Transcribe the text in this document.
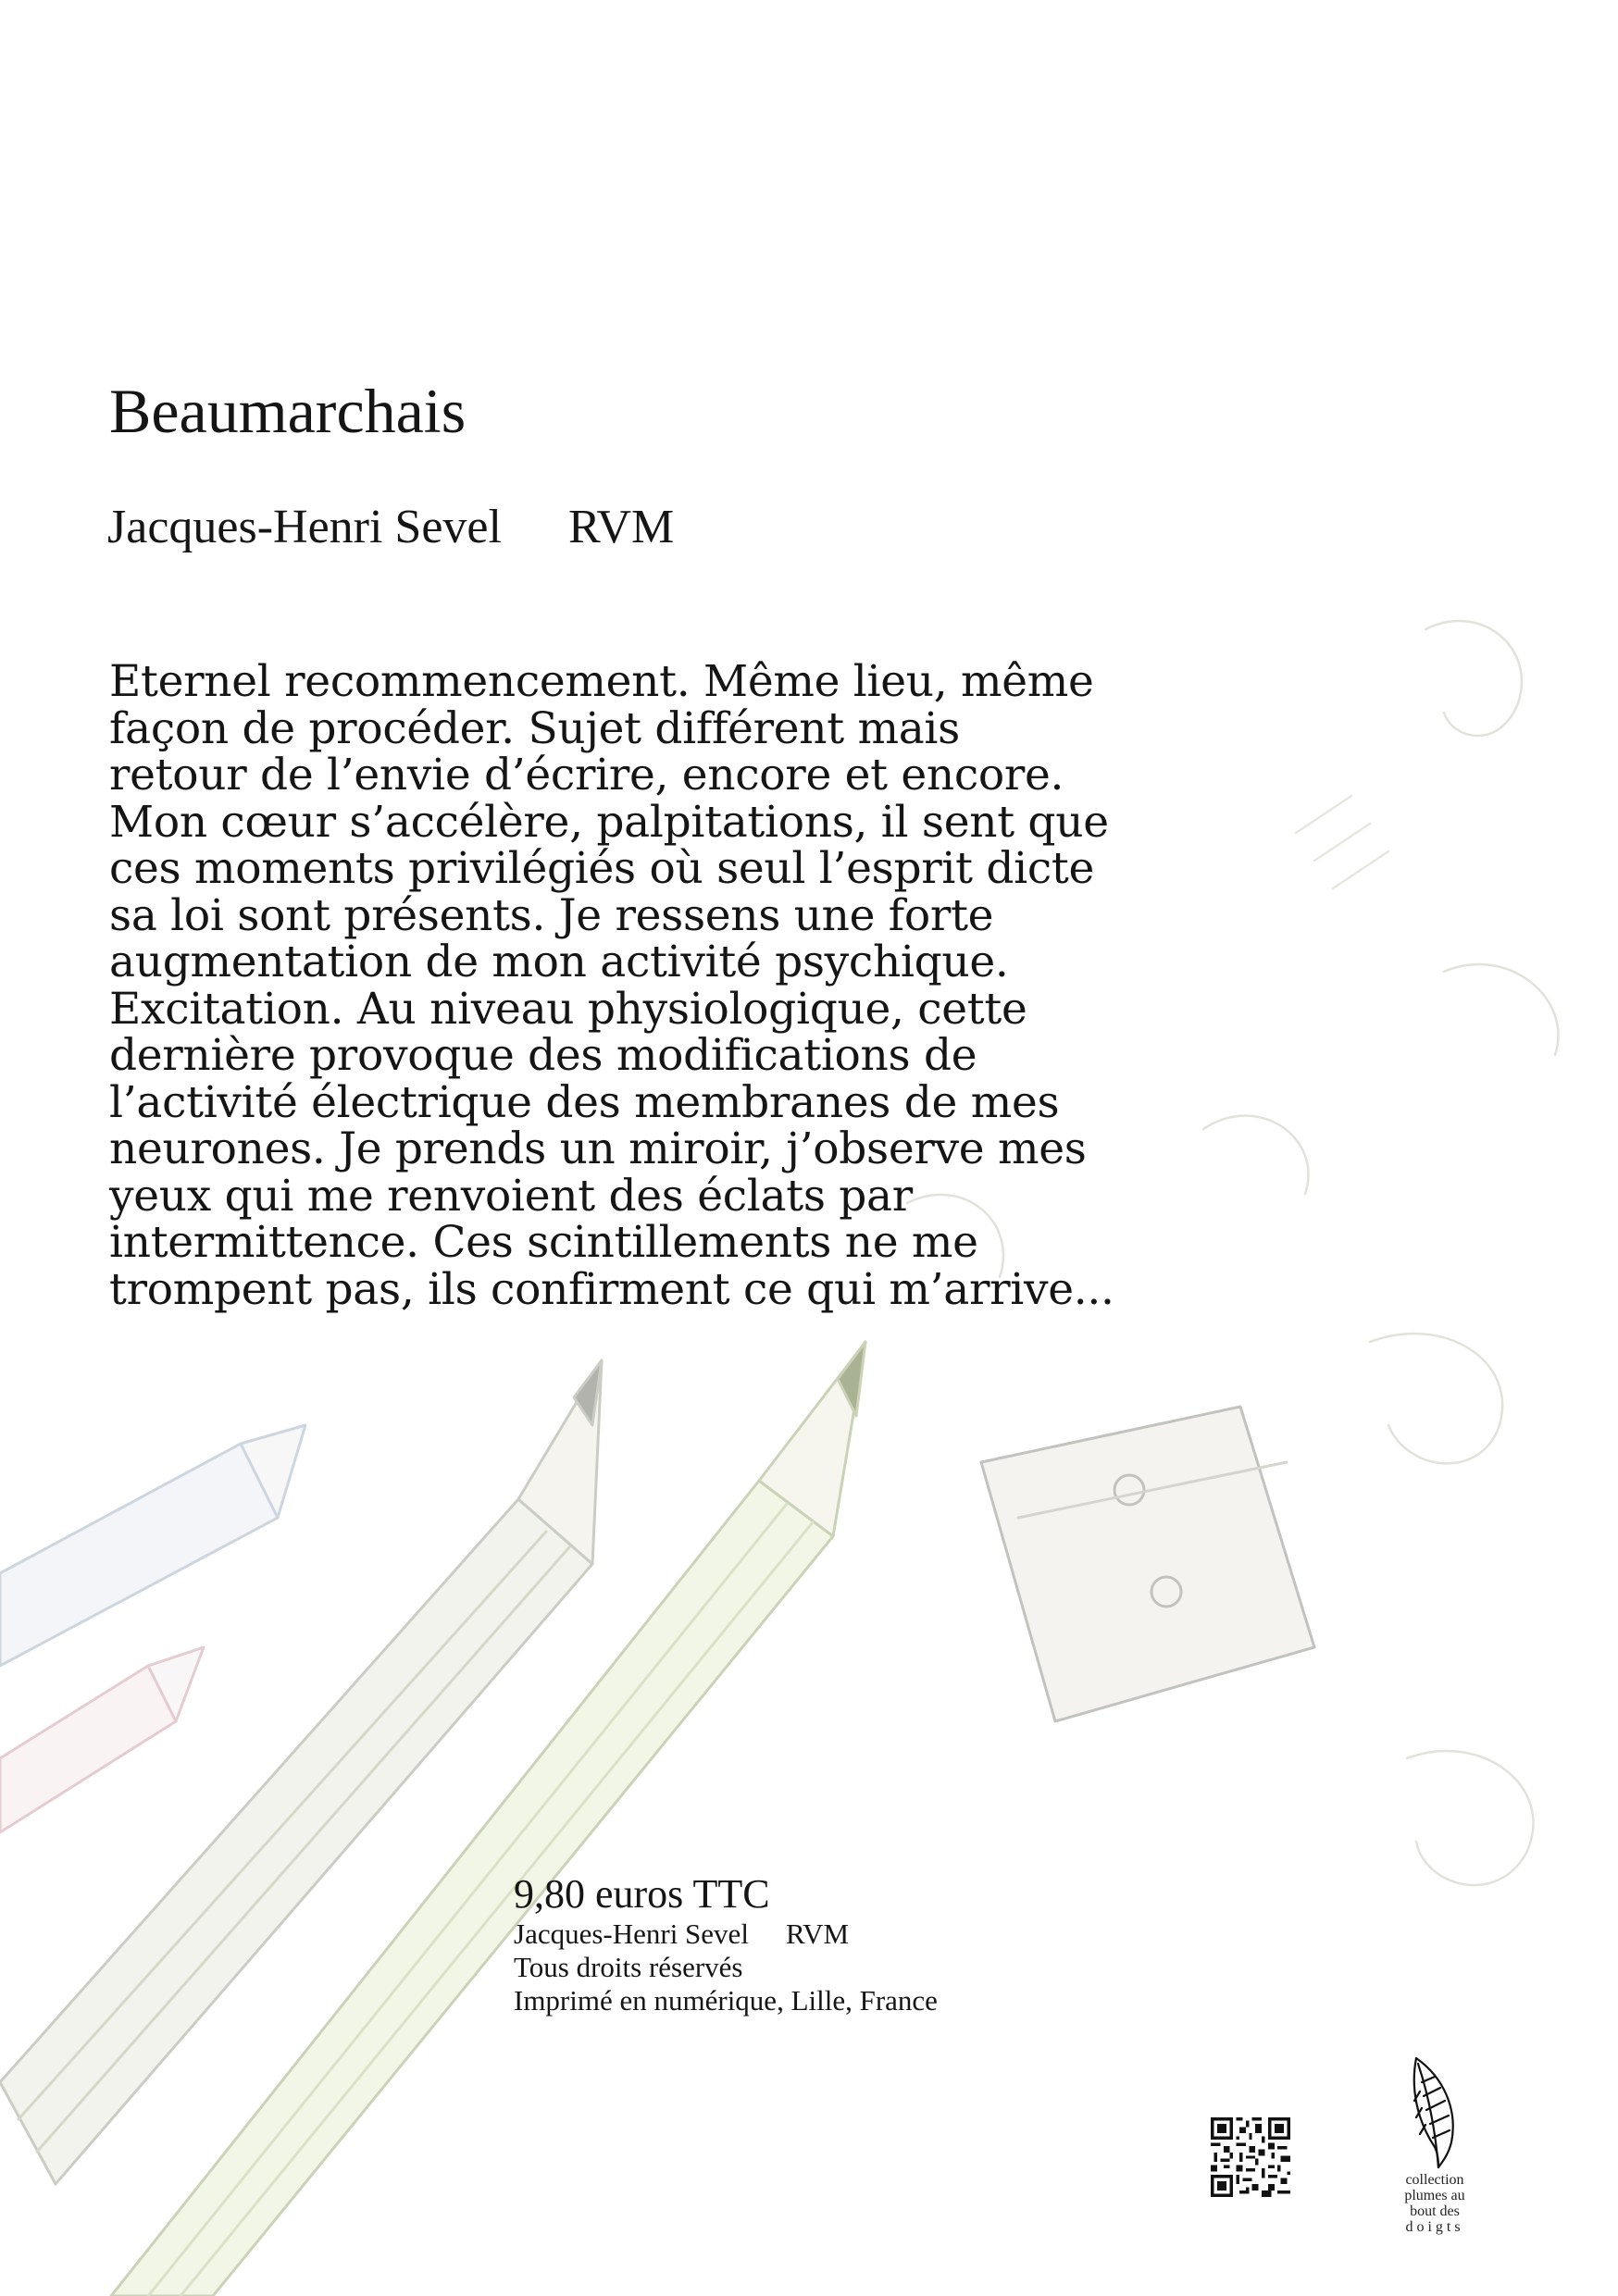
Beaumarchais
Jacques-Henri Sevel RVM

Eternel recommencement. Même lieu, même
façon de procéder. Sujet différent mais
retour de l’envie d’écrire, encore et encore.
Mon cœur s’accélère, palpitations, il sent que
ces moments privilégiés où seul l’esprit dicte
sa loi sont présents. Je ressens une forte
augmentation de mon activité psychique.
Excitation. Au niveau physiologique, cette
dernière provoque des modifications de
l’activité électrique des membranes de mes
neurones. Je prends un miroir, j’observe mes
yeux qui me renvoient des éclats par
intermittence. Ces scintillements ne me
trompent pas, ils confirment ce qui m’arrive...

9,80 euros TTC
Jacques-Henri Sevel RVM
Tous droits réservés
Imprimé en numérique, Lille, France
collection
plumes au
bout des
doigts
